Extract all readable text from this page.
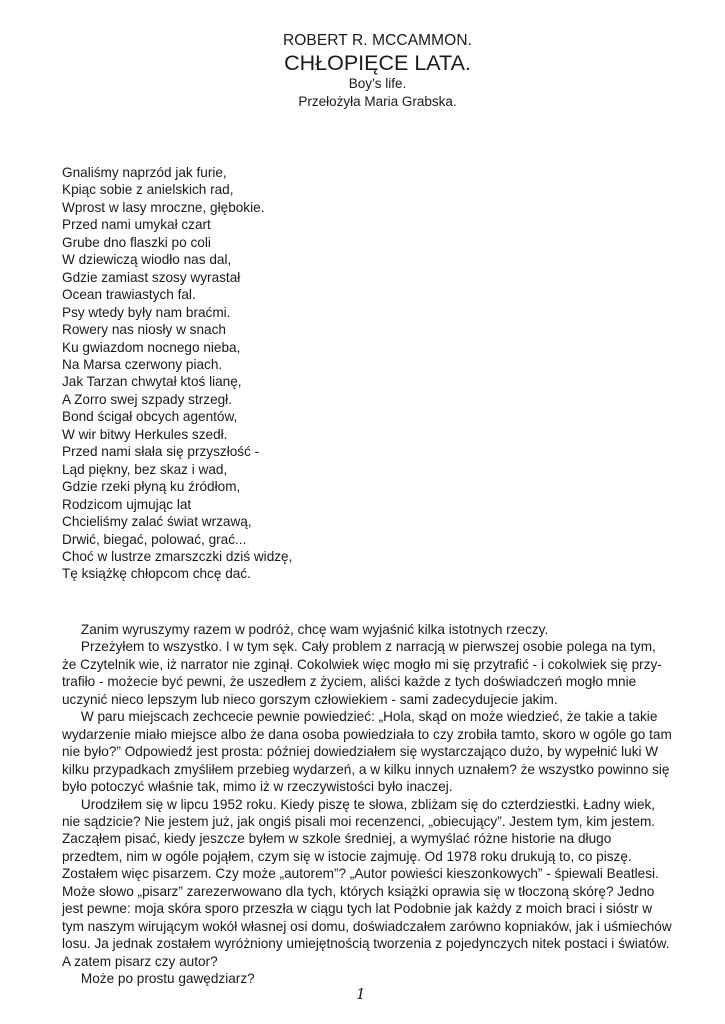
ROBERT R. MCCAMMON.
CHŁOPIĘCE LATA.
Boy’s life.
Przełożyła Maria Grabska.
Gnaliśmy naprzód jak furie,
Kpiąc sobie z anielskich rad,
Wprost w lasy mroczne, głębokie.
Przed nami umykał czart
Grube dno flaszki po coli
W dziewiczą wiodło nas dal,
Gdzie zamiast szosy wyrastał
Ocean trawiastych fal.
Psy wtedy były nam braćmi.
Rowery nas niosły w snach
Ku gwiazdom nocnego nieba,
Na Marsa czerwony piach.
Jak Tarzan chwytał ktoś lianę,
A Zorro swej szpady strzegł.
Bond ścigał obcych agentów,
W wir bitwy Herkules szedł.
Przed nami słała się przyszłość -
Ląd piękny, bez skaz i wad,
Gdzie rzeki płyną ku źródłom,
Rodzicom ujmując lat
Chcieliśmy zalać świat wrzawą,
Drwić, biegać, polować, grać...
Choć w lustrze zmarszczki dziś widzę,
Tę książkę chłopcom chcę dać.
Zanim wyruszymy razem w podróż, chcę wam wyjaśnić kilka istotnych rzeczy.
Przeżyłem to wszystko. I w tym sęk. Cały problem z narracją w pierwszej osobie polega na tym,
że Czytelnik wie, iż narrator nie zginął. Cokolwiek więc mogło mi się przytrafić - i cokolwiek się przy-
trafiło - możecie być pewni, że uszedłem z życiem, aliści każde z tych doświadczeń mogło mnie
uczynić nieco lepszym lub nieco gorszym człowiekiem - sami zadecydujecie jakim.
W paru miejscach zechcecie pewnie powiedzieć: „Hola, skąd on może wiedzieć, że takie a takie
wydarzenie miało miejsce albo że dana osoba powiedziała to czy zrobiła tamto, skoro w ogóle go tam
nie było?” Odpowiedź jest prosta: później dowiedziałem się wystarczająco dużo, by wypełnić luki W
kilku przypadkach zmyśliłem przebieg wydarzeń, a w kilku innych uznałem? że wszystko powinno się
było potoczyć właśnie tak, mimo iż w rzeczywistości było inaczej.
Urodziłem się w lipcu 1952 roku. Kiedy piszę te słowa, zbliżam się do czterdziestki. Ładny wiek,
nie sądzicie? Nie jestem już, jak ongiś pisali moi recenzenci, „obiecujący”. Jestem tym, kim jestem.
Zacząłem pisać, kiedy jeszcze byłem w szkole średniej, a wymyślać różne historie na długo
przedtem, nim w ogóle pojąłem, czym się w istocie zajmuję. Od 1978 roku drukują to, co piszę.
Zostałem więc pisarzem. Czy może „autorem”? „Autor powieści kieszonkowych” - śpiewali Beatlesi.
Może słowo „pisarz” zarezerwowano dla tych, których książki oprawia się w tłoczoną skórę? Jedno
jest pewne: moja skóra sporo przeszła w ciągu tych lat Podobnie jak każdy z moich braci i sióstr w
tym naszym wirującym wokół własnej osi domu, doświadczałem zarówno kopniaków, jak i uśmiechów
losu. Ja jednak zostałem wyróżniony umiejętnością tworzenia z pojedynczych nitek postaci i światów.
A zatem pisarz czy autor?
Może po prostu gawędziarz?
1
